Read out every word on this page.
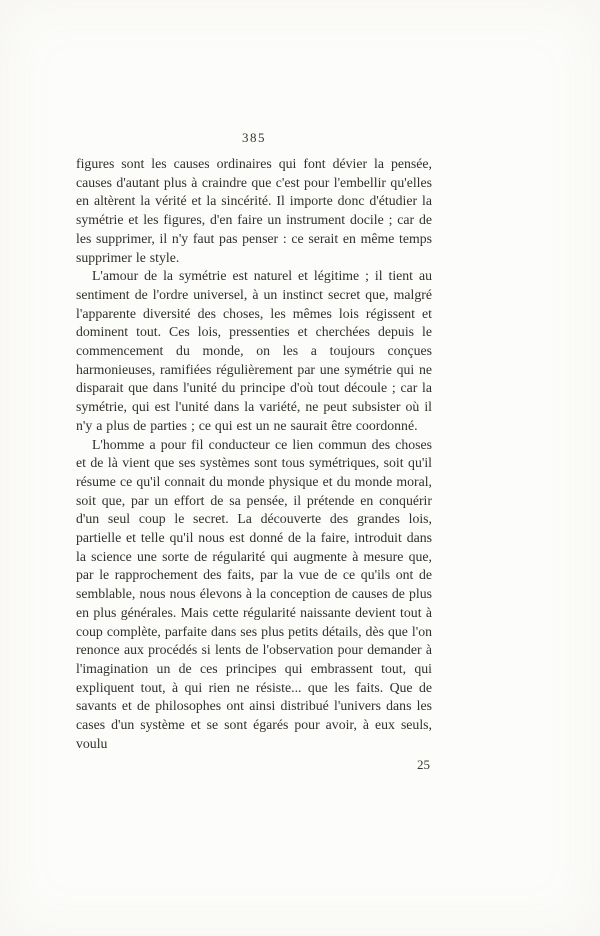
385

figures sont les causes ordinaires qui font dévier la pensée, causes d'autant plus à craindre que c'est pour l'embellir qu'elles en altèrent la vérité et la sincérité. Il importe donc d'étudier la symétrie et les figures, d'en faire un instrument docile ; car de les supprimer, il n'y faut pas penser : ce serait en même temps supprimer le style.

L'amour de la symétrie est naturel et légitime ; il tient au sentiment de l'ordre universel, à un instinct secret que, malgré l'apparente diversité des choses, les mêmes lois régissent et dominent tout. Ces lois, pressenties et cherchées depuis le commencement du monde, on les a toujours conçues harmonieuses, ramifiées régulièrement par une symétrie qui ne disparait que dans l'unité du principe d'où tout découle ; car la symétrie, qui est l'unité dans la variété, ne peut subsister où il n'y a plus de parties ; ce qui est un ne saurait être coordonné.

L'homme a pour fil conducteur ce lien commun des choses et de là vient que ses systèmes sont tous symétriques, soit qu'il résume ce qu'il connait du monde physique et du monde moral, soit que, par un effort de sa pensée, il prétende en conquérir d'un seul coup le secret. La découverte des grandes lois, partielle et telle qu'il nous est donné de la faire, introduit dans la science une sorte de régularité qui augmente à mesure que, par le rapprochement des faits, par la vue de ce qu'ils ont de semblable, nous nous élevons à la conception de causes de plus en plus générales. Mais cette régularité naissante devient tout à coup complète, parfaite dans ses plus petits détails, dès que l'on renonce aux procédés si lents de l'observation pour demander à l'imagination un de ces principes qui embrassent tout, qui expliquent tout, à qui rien ne résiste... que les faits. Que de savants et de philosophes ont ainsi distribué l'univers dans les cases d'un système et se sont égarés pour avoir, à eux seuls, voulu

25
